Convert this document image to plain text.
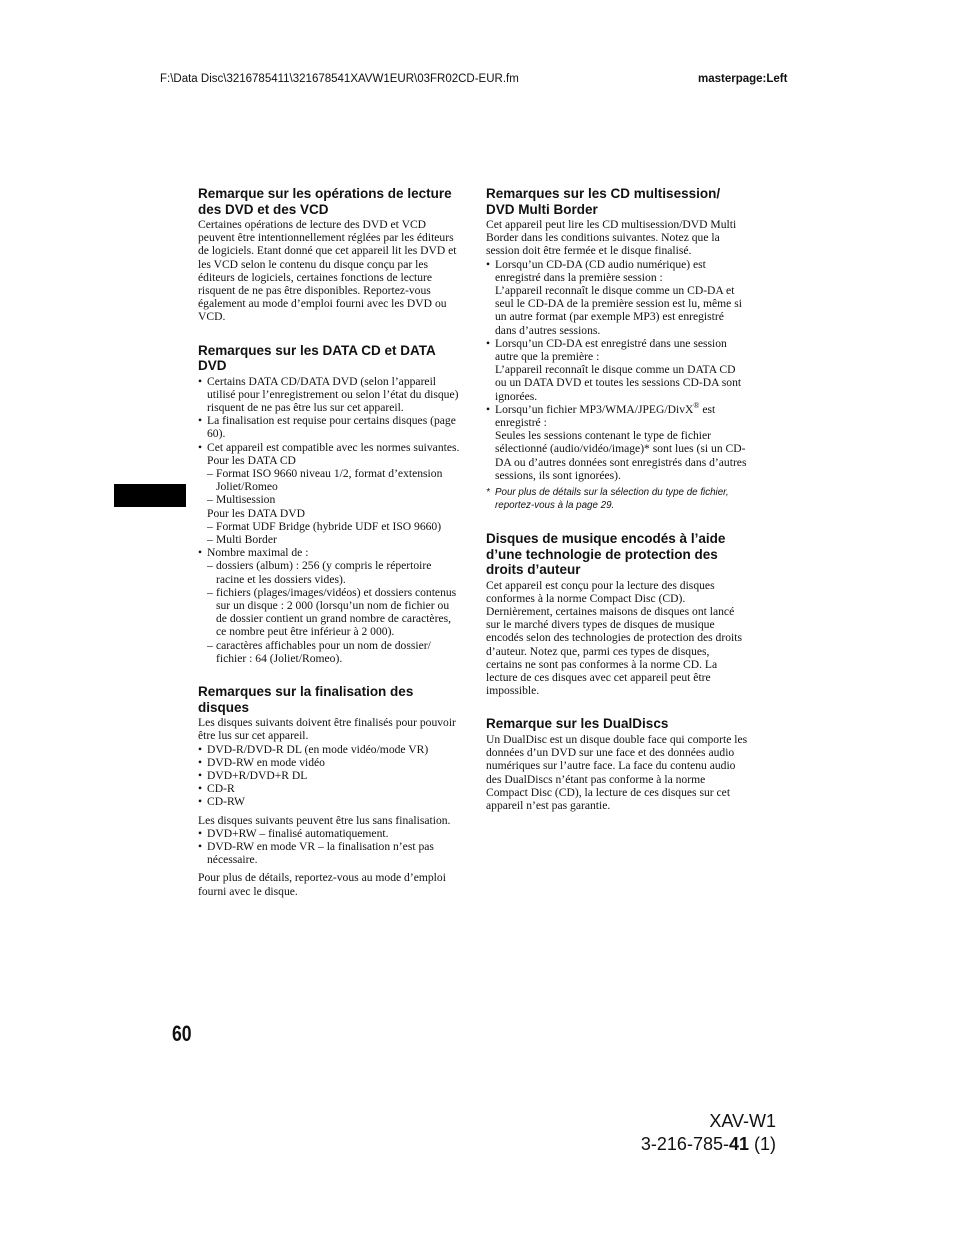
F:\Data Disc\3216785411\321678541XAVW1EUR\03FR02CD-EUR.fm	masterpage:Left
Remarque sur les opérations de lecture des DVD et des VCD

Certaines opérations de lecture des DVD et VCD peuvent être intentionnellement réglées par les éditeurs de logiciels. Etant donné que cet appareil lit les DVD et les VCD selon le contenu du disque conçu par les éditeurs de logiciels, certaines fonctions de lecture risquent de ne pas être disponibles. Reportez-vous également au mode d’emploi fourni avec les DVD ou VCD.

Remarques sur les DATA CD et DATA DVD
• Certains DATA CD/DATA DVD (selon l’appareil utilisé pour l’enregistrement ou selon l’état du disque) risquent de ne pas être lus sur cet appareil.
• La finalisation est requise pour certains disques (page 60).
• Cet appareil est compatible avec les normes suivantes.
Pour les DATA CD
– Format ISO 9660 niveau 1/2, format d’extension Joliet/Romeo
– Multisession
Pour les DATA DVD
– Format UDF Bridge (hybride UDF et ISO 9660)
– Multi Border
• Nombre maximal de :
– dossiers (album) : 256 (y compris le répertoire racine et les dossiers vides).
– fichiers (plages/images/vidéos) et dossiers contenus sur un disque : 2 000 (lorsqu’un nom de fichier ou de dossier contient un grand nombre de caractères, ce nombre peut être inférieur à 2 000).
– caractères affichables pour un nom de dossier/ fichier : 64 (Joliet/Romeo).
Remarques sur la finalisation des disques

Les disques suivants doivent être finalisés pour pouvoir être lus sur cet appareil.

• DVD-R/DVD-R DL (en mode vidéo/mode VR)
• DVD-RW en mode vidéo
• DVD+R/DVD+R DL
• CD-R
• CD-RW

Les disques suivants peuvent être lus sans finalisation.

• DVD+RW – finalisé automatiquement.
• DVD-RW en mode VR – la finalisation n’est pas nécessaire.

Pour plus de détails, reportez-vous au mode d’emploi fourni avec le disque.

Remarques sur les CD multisession/ DVD Multi Border

Cet appareil peut lire les CD multisession/DVD Multi Border dans les conditions suivantes. Notez que la session doit être fermée et le disque finalisé.

• Lorsqu’un CD-DA (CD audio numérique) est enregistré dans la première session :
L’appareil reconnaît le disque comme un CD-DA et seul le CD-DA de la première session est lu, même si un autre format (par exemple MP3) est enregistré dans d’autres sessions.
• Lorsqu’un CD-DA est enregistré dans une session autre que la première :
L’appareil reconnaît le disque comme un DATA CD ou un DATA DVD et toutes les sessions CD-DA sont ignorées.
• Lorsqu’un fichier MP3/WMA/JPEG/DivX® est enregistré :
Seules les sessions contenant le type de fichier sélectionné (audio/vidéo/image)* sont lues (si un CD-DA ou d’autres données sont enregistrés dans d’autres sessions, ils sont ignorées).
* Pour plus de détails sur la sélection du type de fichier, reportez-vous à la page 29.
Disques de musique encodés à l’aide d’une technologie de protection des droits d’auteur

Cet appareil est conçu pour la lecture des disques conformes à la norme Compact Disc (CD). Dernièrement, certaines maisons de disques ont lancé sur le marché divers types de disques de musique encodés selon des technologies de protection des droits d’auteur. Notez que, parmi ces types de disques, certains ne sont pas conformes à la norme CD. La lecture de ces disques avec cet appareil peut être impossible.

Remarque sur les DualDiscs

Un DualDisc est un disque double face qui comporte les données d’un DVD sur une face et des données audio numériques sur l’autre face. La face du contenu audio des DualDiscs n’étant pas conforme à la norme Compact Disc (CD), la lecture de ces disques sur cet appareil n’est pas garantie.

60
XAV-W1
3-216-785-41 (1)
